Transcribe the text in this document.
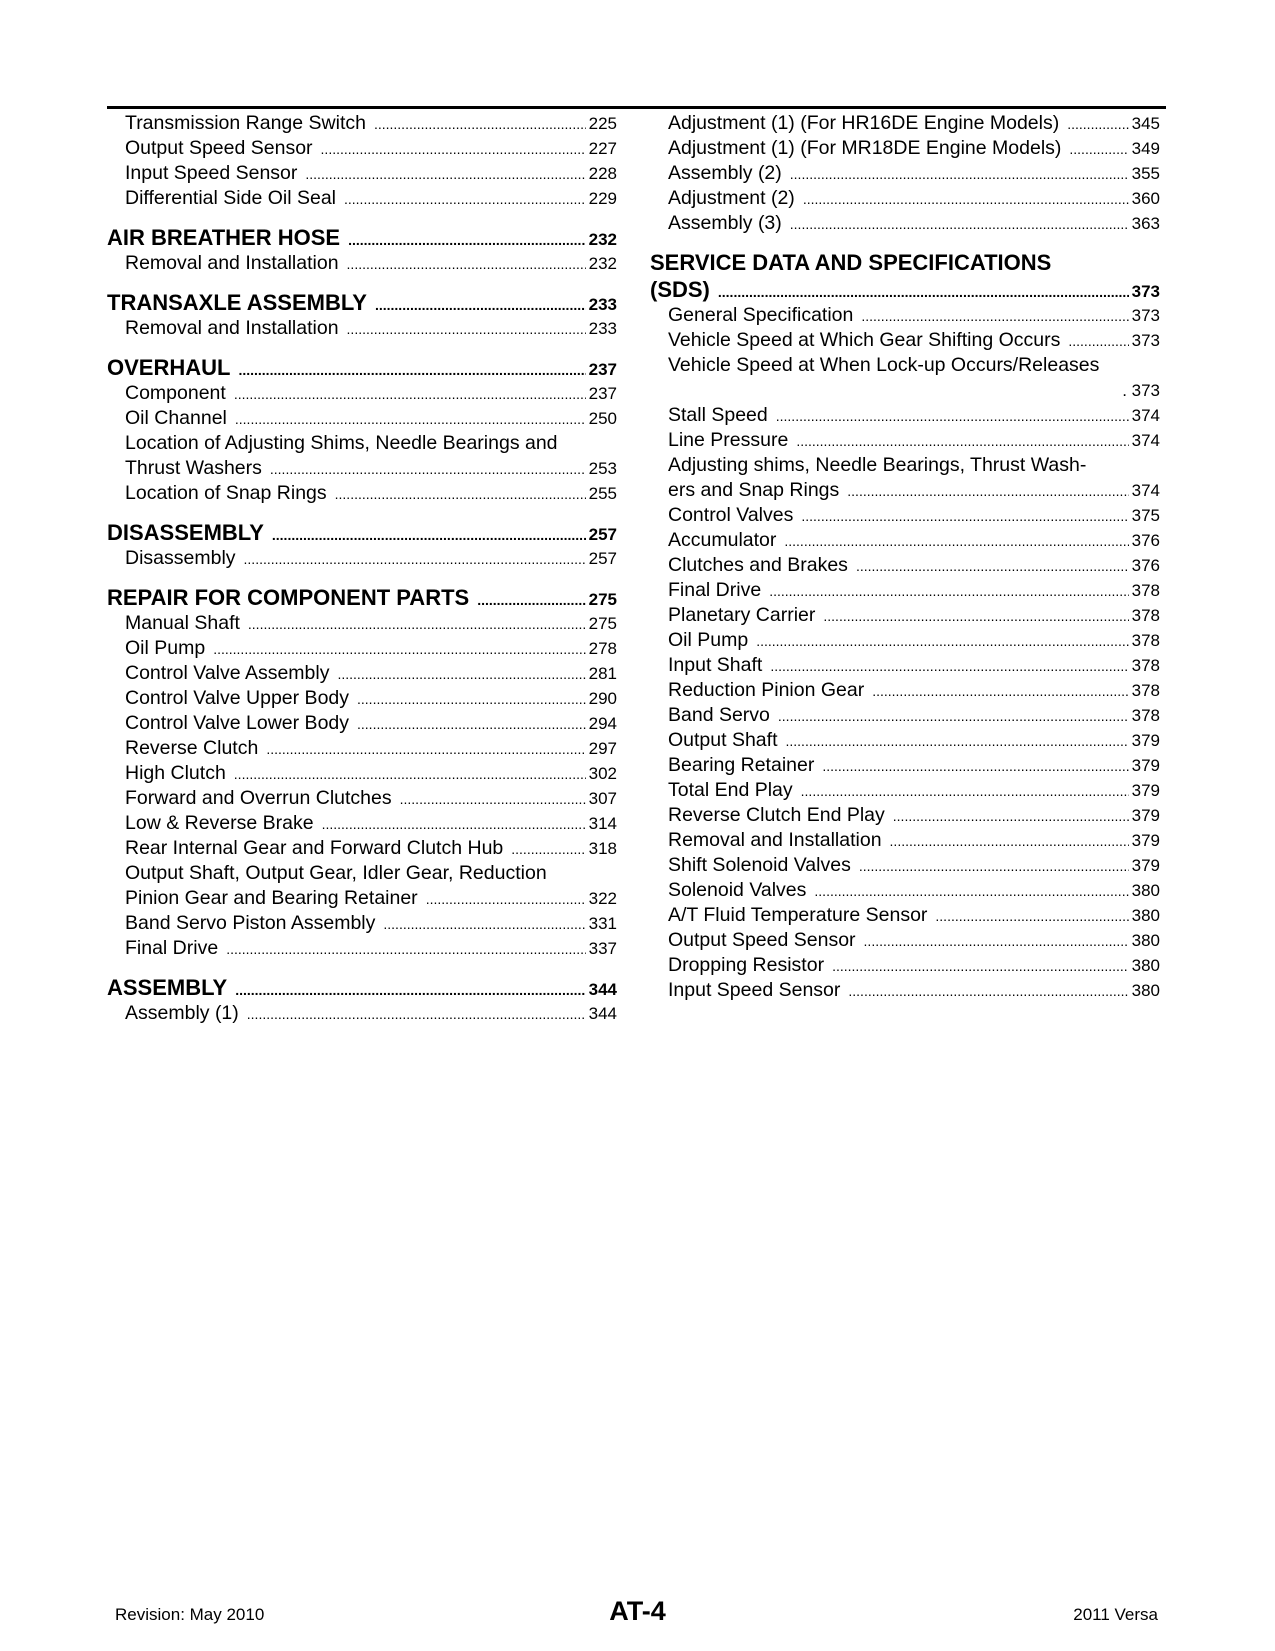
Transmission Range Switch .....	225
Output Speed Sensor .....	227
Input Speed Sensor .....	228
Differential Side Oil Seal .....	229
AIR BREATHER HOSE .....	232
Removal and Installation .....	232
TRANSAXLE ASSEMBLY .....	233
Removal and Installation .....	233
OVERHAUL .....	237
Component .....	237
Oil Channel .....	250
Location of Adjusting Shims, Needle Bearings and
Thrust Washers .....	253
Location of Snap Rings .....	255
DISASSEMBLY .....	257
Disassembly .....	257
REPAIR FOR COMPONENT PARTS .....	275
Manual Shaft .....	275
Oil Pump .....	278
Control Valve Assembly .....	281
Control Valve Upper Body .....	290
Control Valve Lower Body .....	294
Reverse Clutch .....	297
High Clutch .....	302
Forward and Overrun Clutches .....	307
Low & Reverse Brake .....	314
Rear Internal Gear and Forward Clutch Hub .....	318
Output Shaft, Output Gear, Idler Gear, Reduction
Pinion Gear and Bearing Retainer .....	322
Band Servo Piston Assembly .....	331
Final Drive .....	337
ASSEMBLY .....	344
Assembly (1) .....	344
Adjustment (1) (For HR16DE Engine Models) .....	345
Adjustment (1) (For MR18DE Engine Models) .....	349
Assembly (2) .....	355
Adjustment (2) .....	360
Assembly (3) .....	363
SERVICE DATA AND SPECIFICATIONS
(SDS) .....	373
General Specification .....	373
Vehicle Speed at Which Gear Shifting Occurs .....	373
Vehicle Speed at When Lock-up Occurs/Releases
. 373
Stall Speed .....	374
Line Pressure .....	374
Adjusting shims, Needle Bearings, Thrust Wash-
ers and Snap Rings .....	374
Control Valves .....	375
Accumulator .....	376
Clutches and Brakes .....	376
Final Drive .....	378
Planetary Carrier .....	378
Oil Pump .....	378
Input Shaft .....	378
Reduction Pinion Gear .....	378
Band Servo .....	378
Output Shaft .....	379
Bearing Retainer .....	379
Total End Play .....	379
Reverse Clutch End Play .....	379
Removal and Installation .....	379
Shift Solenoid Valves .....	379
Solenoid Valves .....	380
A/T Fluid Temperature Sensor .....	380
Output Speed Sensor .....	380
Dropping Resistor .....	380
Input Speed Sensor .....	380
Revision: May 2010	AT-4	2011 Versa
